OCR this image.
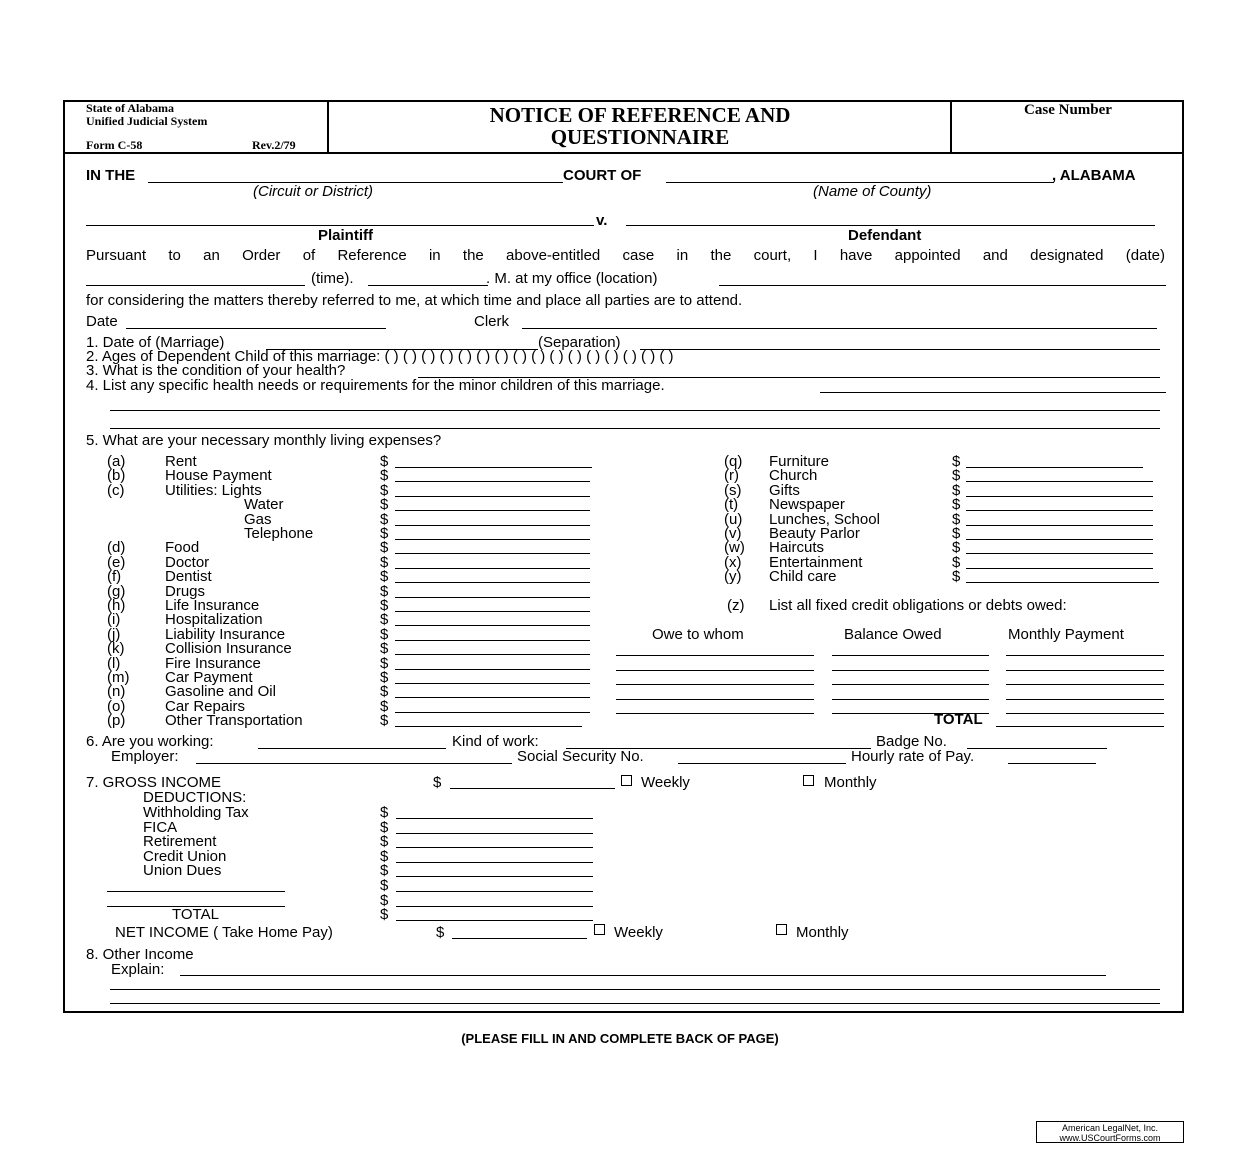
State of Alabama
Unified Judicial System
Form C-58	Rev.2/79
NOTICE OF REFERENCE AND
QUESTIONNAIRE
Case Number
IN THE	COURT OF	, ALABAMA
(Circuit or District)	(Name of County)
v.
Plaintiff	Defendant
Pursuant to an Order of Reference in the above-entitled case in the court, I have appointed and designated (date)
(time).	. M. at my office (location)
for considering the matters thereby referred to me, at which time and place all parties are to attend.
Date	Clerk
1. Date of (Marriage)	(Separation)
2. Ages of Dependent Child of this marriage: ( ) ( ) ( ) ( ) ( ) ( ) ( ) ( ) ( ) ( ) ( ) ( ) ( ) ( ) ( ) ( )
3. What is the condition of your health?
4. List any specific health needs or requirements for the minor children of this marriage.
5. What are your necessary monthly living expenses?
(a)	Rent	$
(b)	House Payment	$
(c)	Utilities: Lights	$
Water	$
Gas	$
Telephone	$
(d)	Food	$
(e)	Doctor	$
(f)	Dentist	$
(g)	Drugs	$
(h)	Life Insurance	$
(i)	Hospitalization	$
(j)	Liability Insurance	$
(k)	Collision Insurance	$
(l)	Fire Insurance	$
(m) Car Payment	$
(n)	Gasoline and Oil	$
(o)	Car Repairs	$
(p)	Other Transportation	$
(q) Furniture	$
(r) Church	$
(s) Gifts	$
(t) Newspaper	$
(u) Lunches, School	$
(v) Beauty Parlor	$
(w) Haircuts	$
(x) Entertainment	$
(y) Child care	$
(z) List all fixed credit obligations or debts owed:
Owe to whom	Balance Owed	Monthly Payment
TOTAL
6. Are you working:	Kind of work:	Badge No.
Employer:	Social Security No.	Hourly rate of Pay.
7. GROSS INCOME	$	Weekly	Monthly
DEDUCTIONS:
Withholding Tax	$
FICA	$
Retirement	$
Credit Union	$
Union Dues	$
$
$
TOTAL	$
$
NET INCOME ( Take Home Pay)	Weekly	Monthly
8. Other Income
Explain:
(PLEASE FILL IN AND COMPLETE BACK OF PAGE)
American LegalNet, Inc.
www.USCourtForms.com
